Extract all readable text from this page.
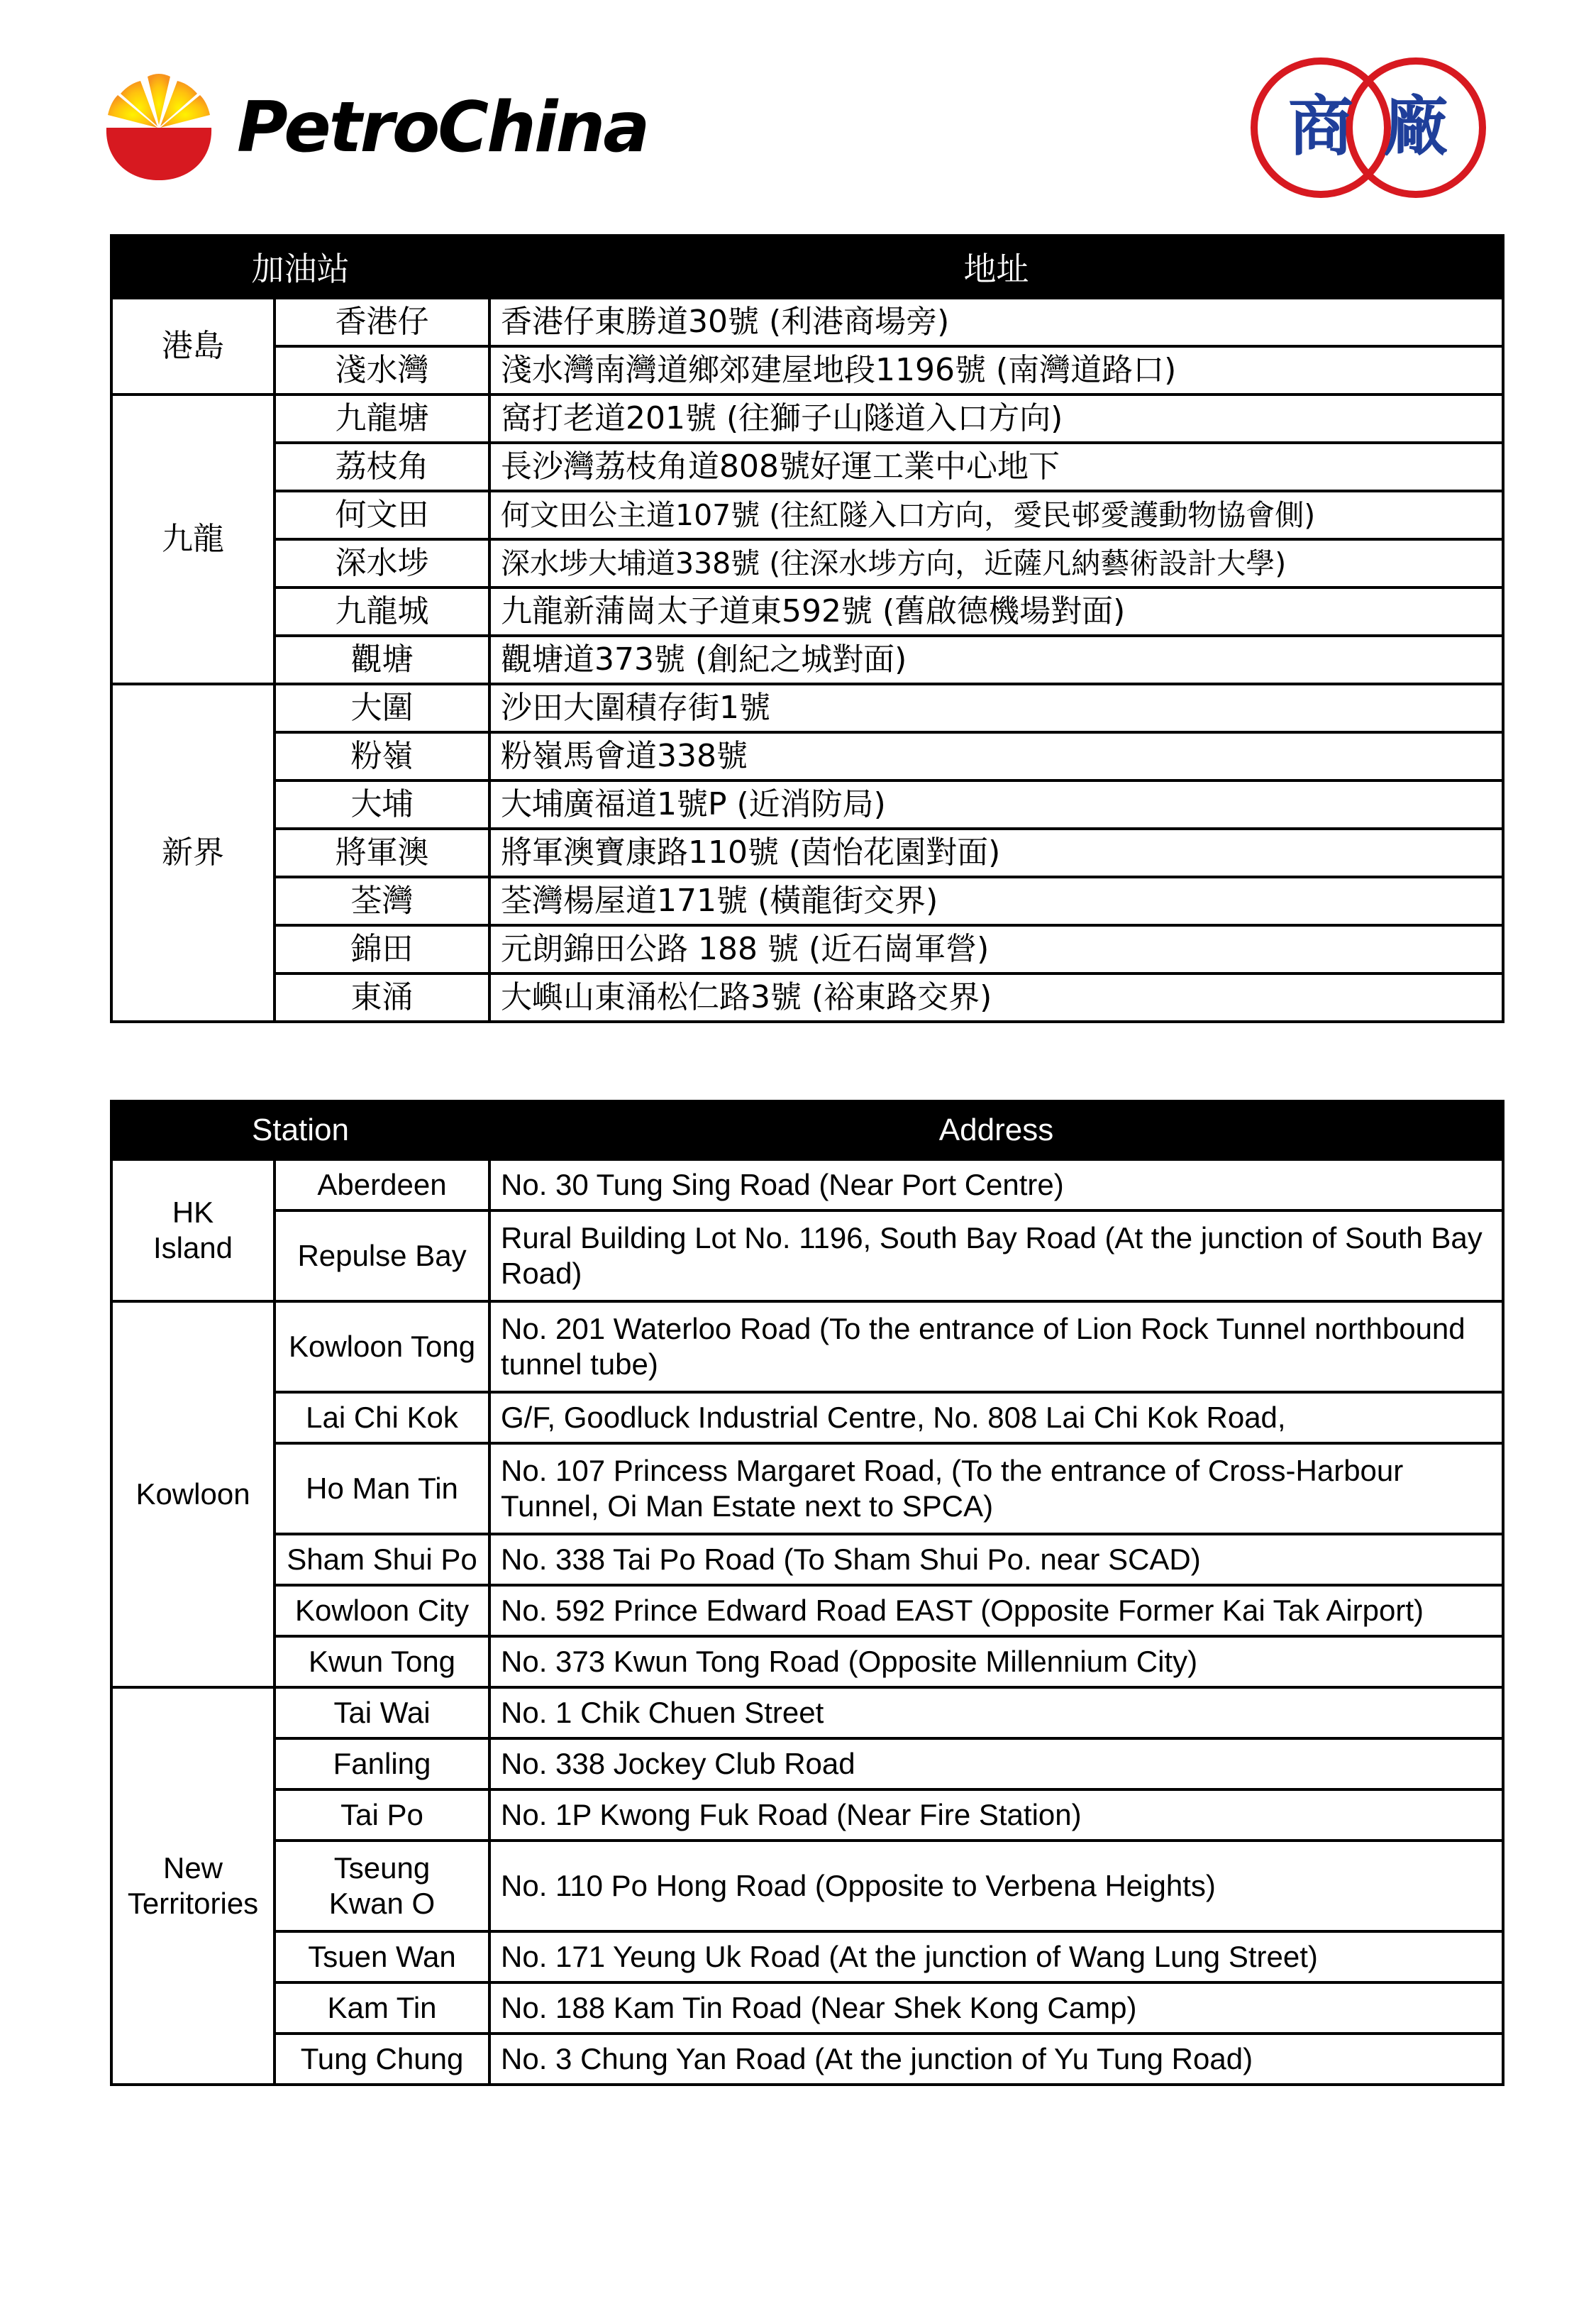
PetroChina	商 廠
加油站		地址
港島	香港仔	香港仔東勝道30號 (利港商場旁)
	淺水灣	淺水灣南灣道鄉郊建屋地段1196號 (南灣道路口)
九龍	九龍塘	窩打老道201號 (往獅子山隧道入口方向)
	荔枝角	長沙灣荔枝角道808號好運工業中心地下
	何文田	何文田公主道107號 (往紅隧入口方向，愛民邨愛護動物協會側)
	深水埗	深水埗大埔道338號 (往深水埗方向，近薩凡納藝術設計大學)
	九龍城	九龍新蒲崗太子道東592號 (舊啟德機場對面)
	觀塘	觀塘道373號 (創紀之城對面)
新界	大圍	沙田大圍積存街1號
	粉嶺	粉嶺馬會道338號
	大埔	大埔廣福道1號P (近消防局)
	將軍澳	將軍澳寶康路110號 (茵怡花園對面)
	荃灣	荃灣楊屋道171號 (橫龍街交界)
	錦田	元朗錦田公路 188 號 (近石崗軍營)
	東涌	大嶼山東涌松仁路3號 (裕東路交界)
Station		Address
HK Island	Aberdeen	No. 30 Tung Sing Road (Near Port Centre)
	Repulse Bay	Rural Building Lot No. 1196, South Bay Road (At the junction of South Bay Road)
Kowloon	Kowloon Tong	No. 201 Waterloo Road (To the entrance of Lion Rock Tunnel northbound tunnel tube)
	Lai Chi Kok	G/F, Goodluck Industrial Centre, No. 808 Lai Chi Kok Road,
	Ho Man Tin	No. 107 Princess Margaret Road, (To the entrance of Cross-Harbour Tunnel, Oi Man Estate next to SPCA)
	Sham Shui Po	No. 338 Tai Po Road (To Sham Shui Po. near SCAD)
	Kowloon City	No. 592 Prince Edward Road EAST (Opposite Former Kai Tak Airport)
	Kwun Tong	No. 373 Kwun Tong Road (Opposite Millennium City)
New Territories	Tai Wai	No. 1 Chik Chuen Street
	Fanling	No. 338 Jockey Club Road
	Tai Po	No. 1P Kwong Fuk Road (Near Fire Station)
	Tseung Kwan O	No. 110 Po Hong Road (Opposite to Verbena Heights)
	Tsuen Wan	No. 171 Yeung Uk Road (At the junction of Wang Lung Street)
	Kam Tin	No. 188 Kam Tin Road (Near Shek Kong Camp)
	Tung Chung	No. 3 Chung Yan Road (At the junction of Yu Tung Road)
